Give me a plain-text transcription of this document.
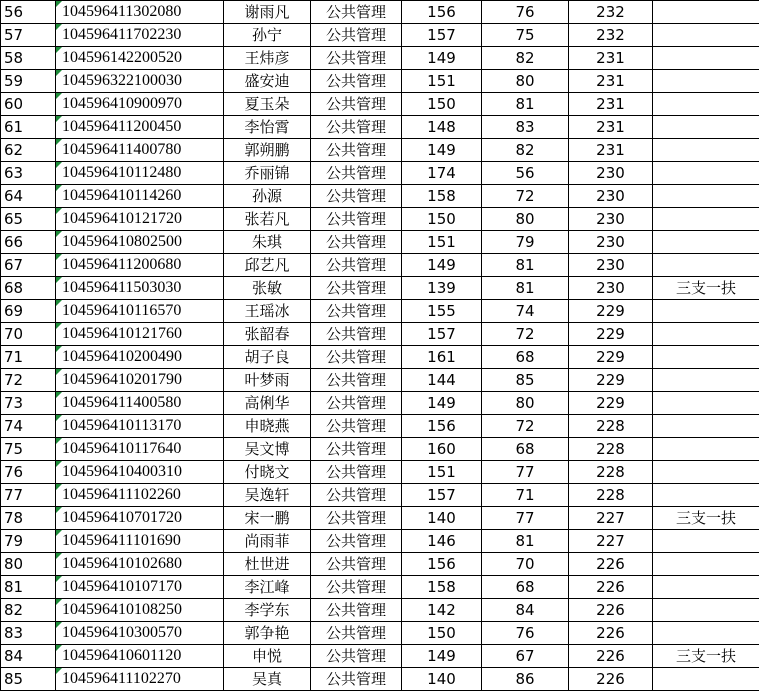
56	104596411302080	谢雨凡	公共管理	156	76	232	
57	104596411702230	孙宁	公共管理	157	75	232	
58	104596142200520	王炜彦	公共管理	149	82	231	
59	104596322100030	盛安迪	公共管理	151	80	231	
60	104596410900970	夏玉朵	公共管理	150	81	231	
61	104596411200450	李怡霄	公共管理	148	83	231	
62	104596411400780	郭朔鹏	公共管理	149	82	231	
63	104596410112480	乔丽锦	公共管理	174	56	230	
64	104596410114260	孙源	公共管理	158	72	230	
65	104596410121720	张若凡	公共管理	150	80	230	
66	104596410802500	朱琪	公共管理	151	79	230	
67	104596411200680	邱艺凡	公共管理	149	81	230	
68	104596411503030	张敏	公共管理	139	81	230	三支一扶
69	104596410116570	王瑶冰	公共管理	155	74	229	
70	104596410121760	张韶春	公共管理	157	72	229	
71	104596410200490	胡子良	公共管理	161	68	229	
72	104596410201790	叶梦雨	公共管理	144	85	229	
73	104596411400580	高俐华	公共管理	149	80	229	
74	104596410113170	申晓燕	公共管理	156	72	228	
75	104596410117640	吴文博	公共管理	160	68	228	
76	104596410400310	付晓文	公共管理	151	77	228	
77	104596411102260	吴逸轩	公共管理	157	71	228	
78	104596410701720	宋一鹏	公共管理	140	77	227	三支一扶
79	104596411101690	尚雨菲	公共管理	146	81	227	
80	104596410102680	杜世进	公共管理	156	70	226	
81	104596410107170	李江峰	公共管理	158	68	226	
82	104596410108250	李学东	公共管理	142	84	226	
83	104596410300570	郭争艳	公共管理	150	76	226	
84	104596410601120	申悦	公共管理	149	67	226	三支一扶
85	104596411102270	吴真	公共管理	140	86	226	
